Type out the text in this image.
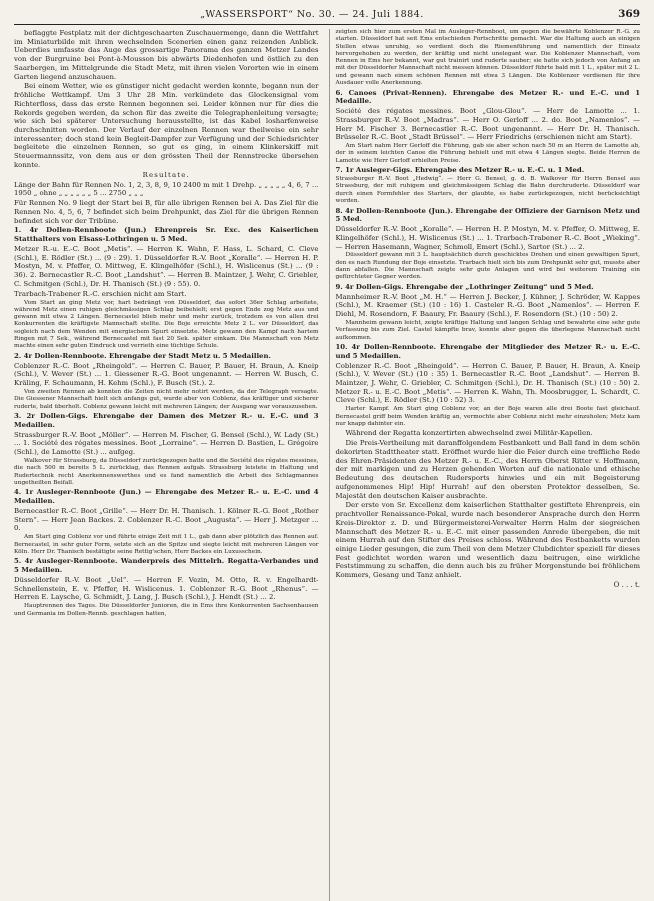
„WASSERSPORT“ No. 30. — 24. Juli 1884.	369

beflaggte Festplatz mit der dichtgeschaarten Zuschauermenge, dann die Wettfahrt im Miniaturbilde mit ihren wechselnden Scenerien einen ganz reizenden Anblick. Ueberdies umfasste das Auge das grossartige Panorama des ganzen Metzer Landes von der Burgruine bei Pont-à-Mousson bis abwärts Diedenhofen und östlich zu den Saarbergen, im Mittelgrunde die Stadt Metz, mit ihren vielen Vororten wie in einem Garten liegend anzuschauen.

Bei einem Wetter, wie es günstiger nicht gedacht werden konnte, begann nun der fröhliche Wettkampf. Um 3 Uhr 28 Min. verkündete das Glockensignal vom Richterfloss, dass das erste Rennen begonnen sei. Leider können nur für dies die Rekords gegeben werden, da schon für das zweite die Telegraphenleitung versagte; wie sich bei späterer Untersuchung herausstellte, ist das Kabel losharfenweise durchschnitten worden. Der Verlauf der einzelnen Rennen war theilweise ein sehr interessanter; doch stand kein Begleit-Dampfer zur Verfügung und der Schiedsrichter begleitete die einzelnen Rennen, so gut es ging, in einem Klinkerskiff mit Steuermannssitz, von dem aus er den grössten Theil der Rennstrecke übersehen konnte.

Resultate.

Länge der Bahn für Rennen No. 1, 2, 3, 8, 9, 10 2400 m mit 1 Drehp. „ „ „ „ „ 4, 6, 7 ... 1950 „ ohne „ „ „ „ „ „ 5 ... 2750 „ „ „

Für Rennen No. 9 liegt der Start bei B, für alle übrigen Rennen bei A. Das Ziel für die Rennen No. 4, 5, 6, 7 befindet sich beim Drehpunkt, das Ziel für die übrigen Rennen befindet sich vor der Tribüne.

1. 4r Dollen-Rennboote (Jun.) Ehrenpreis Sr. Exc. des Kaiserlichen Statthalters von Elsass-Lothringen u. 5 Med.

Metzer R.-u. E.-C. Boot „Metis“. — Herren K. Wahn, F. Hass, L. Schard, C. Cleve (Schl.), E. Rödler (St.) ... (9 : 29). 1. Düsseldorfer R.-V. Boot „Koralle“. — Herren H. P. Mostyn, M. v. Pfeffer, O. Mittweg, E. Klingelhöfer (Schl.), H. Wislicenus (St.) ... (9 : 36). 2. Bernecastler R.-C. Boot „Landshut“. — Herren B. Maintzer, J. Wehr, C. Griebler, C. Schmitgen (Schl.), Dr. H. Thanisch (St.) (9 : 55). 0.

Trarbach-Trabener R.-C. erschien nicht am Start.

Vom Start an ging Metz vor, hart bedrängt von Düsseldorf, das sofort 36er Schlag arbeitete, während Metz einen ruhigen gleichmässigen Schlag beibehielt; erst gegen Ende zog Metz aus und gewann mit etwa 2 Längen. Bernecastel blieb mehr und mehr zurück, trotzdem es von allen drei Konkurrenten die kräftigste Mannschaft stellte. Die Boje erreichte Metz 2 L. vor Düsseldorf, das sogleich nach dem Wenden mit energischem Spurt einsetzte. Metz gewann den Kampf nach hartem Ringen mit 7 Sek., während Bernecastel mit fast 20 Sek. später einkam. Die Mannschaft von Metz machte einen sehr guten Eindruck und verrieth eine tüchtige Schule.

2. 4r Dollen-Rennboote. Ehrengabe der Stadt Metz u. 5 Medaillen.

Coblenzer R.-C. Boot „Rheingold“. — Herren C. Bauer, P. Bauer, H. Braun, A. Kneip (Schl.), V. Wever (St.) ... 1. Giessener R.-G. Boot ungenannt. — Herren W. Busch, C. Kräling, F. Schaumann, H. Kehm (Schl.), F. Busch (St.). 2.

Von zweiten Rennen ab konnten die Zeiten nicht mehr notirt werden, da der Telegraph versagte. Die Giessener Mannschaft hielt sich anfangs gut, wurde aber von Coblenz, das kräftiger und sicherer ruderte, bald überholt. Coblenz gewann leicht mit mehreren Längen; der Ausgang war vorauszusehen.

3. 2r Dollen-Gigs. Ehrengabe der Damen des Metzer R.- u. E.-C. und 3 Medaillen.

Strassburger R.-V. Boot „Möller“. — Herren M. Fischer, G. Bensel (Schl.), W. Lady (St.) ... 1. Société des régates messines. Boot „Lorraine“. — Herren D. Bastien, L. Grégoire (Schl.), de Lamotte (St.) ... aufgeg.

Walkover für Strassburg, da Düsseldorf zurückgezogen hatte und die Société des régates messines, die nach 500 m bereits 5 L. zurücklag, das Rennen aufgab. Strassburg leistete in Haltung und Rudertechnik recht Anerkennenswerthes und es fand namentlich die Arbeit des Schlagmannes ungetheilten Beifall.

4. 1r Ausleger-Rennboote (Jun.) — Ehrengabe des Metzer R.- u. E.-C. und 4 Medaillen.

Bernecastler R.-C. Boot „Grille“. — Herr Dr. H. Thanisch. 1. Kölner R.-G. Boot „Rother Stern“. — Herr Jean Backes. 2. Coblenzer R.-C. Boot „Augusta“. — Herr J. Metzger ... 0.

Am Start ging Coblenz vor und führte einige Zeit mit 1 L., gab dann aber plötzlich das Rennen auf. Bernecastel, in sehr guter Form, setzte sich an die Spitze und siegte leicht mit mehreren Längen vor Köln. Herr Dr. Thanisch bestätigte seine Rettig'schen, Herr Backes ein Luxusschein.

5. 4r Ausleger-Rennboote. Wanderpreis des Mittelrh. Regatta-Verbandes und 5 Medaillen.

Düsseldorfer R.-V. Boot „Uel“. — Herren F. Vezin, M. Otto, R. v. Engelhardt-Schnellenstein, E. v. Pfeffer, H. Wislicenus. 1. Coblenzer R.-G. Boot „Rhenus“. — Herren E. Laysche, G. Schmidt, J. Lang, J. Busch (Schl.), J. Hendt (St.) ... 2.

Hauptrennen des Tages. Die Düsseldorfer Junioren, die in Ems ihre Konkurrenten Sachsenhausen und Germania im Dollen-Rennb. geschlagen hatten,

zeigten sich hier zum ersten Mal im Ausleger-Rennboot, um gegen die bewährte Koblenzer R.-G. zu starten. Düsseldorf hat seit Ems entschieden Fortschritte gemacht. War die Haltung auch an einigen Stellen etwas unruhig, so verdient doch die Riemenführung und namentlich der Einsatz hervorgehoben zu werden, der kräftig und nicht unelegant war. Die Koblenzer Mannschaft, vom Rennen in Ems her bekannt, war gut trainirt und ruderte sauber; sie hatte sich jedoch von Anfang an mit der Düsseldorfer Mannschaft nicht messen können. Düsseldorf führte bald mit 1 L., später mit 2 L. und gewann nach einem schönen Rennen mit etwa 3 Längen. Die Koblenzer verdienen für ihre Ausdauer volle Anerkennung.

6. Canoes (Privat-Rennen). Ehrengabe des Metzer R.- und E.-C. und 1 Medaille.

Société des régates messines. Boot „Glou-Glou“. — Herr de Lamotte ... 1. Strassburger R.-V. Boot „Madras“. — Herr O. Gerloff ... 2. do. Boot „Namenlos“. — Herr M. Fischer 3. Bernecastler R.-C. Boot ungenannt. — Herr Dr. H. Thanisch. Brüsseler R.-C. Boot „Stadt Brüssel“. — Herr Friedrichs (erschienen nicht am Start).

Am Start nahm Herr Gerloff die Führung, gab sie aber schon nach 50 m an Herrn de Lamotte ab, der in seinem leichten Canoe die Führung behielt und mit etwa 4 Längen siegte. Beide Herren de Lamotte wie Herr Gerloff erhielten Preise.

7. 1r Ausleger-Gigs. Ehrengabe des Metzer R.- u. E.-C. u. 1 Med.

Strassburger R.-V. Boot „Hedwig“. — Herr G. Bensel, g. d. B. Walkover für Herrn Bensel aus Strassburg, der mit ruhigem und gleichmässigem Schlag die Bahn durchruderte. Düsseldorf war durch einen Formfehler des Starters, der glaubte, es habe zurückgezogen, nicht berücksichtigt worden.

8. 4r Dollen-Rennboote (Jun.). Ehrengabe der Offiziere der Garnison Metz und 5 Med.

Düsseldorfer R.-V. Boot „Koralle“. — Herren H. P. Mostyn, M. v. Pfeffer, O. Mittweg, E. Klingelhöfer (Schl.), H. Wislicenus (St.) ... 1. Trarbach-Trabener R.-C. Boot „Wieking“. — Herren Hasemann, Wagner, Schmoll, Emert (Schl.), Sartor (St.) ... 2.

Düsseldorf gewann mit 3 L. hauptsächlich durch geschicktes Drehen und einen gewaltigen Spurt, den es nach Rundung der Boje einsetzte. Trarbach hielt sich bis zum Drehpunkt sehr gut, musste aber dann abfallen. Die Mannschaft zeigte sehr gute Anlagen und wird bei weiterem Training ein gefürchteter Gegner werden.

9. 4r Dollen-Gigs. Ehrengabe der „Lothringer Zeitung“ und 5 Med.

Mannheimer R.-V. Boot „M. H.“ — Herren J. Becker, J. Kühner, J. Schröder, W. Kappes (Schl.), M. Kraemer (St.) (10 : 16) 1. Casteler R.-G. Boot „Namenlos“. — Herren F. Diehl, M. Rosendorn, F. Baaury, Fr. Baaury (Schl.), F. Rosendorn (St.) (10 : 50) 2.

Mannheim gewann leicht, zeigte kräftige Haltung und langen Schlag und bewahrte eine sehr gute Verfassung bis zum Ziel. Castel kämpfte brav, konnte aber gegen die überlegene Mannschaft nicht aufkommen.

10. 4r Dollen-Rennboote. Ehrengabe der Mitglieder des Metzer R.- u. E.-C. und 5 Medaillen.

Coblenzer R.-C. Boot „Rheingold“. — Herren C. Bauer, P. Bauer, H. Braun, A. Kneip (Schl.), V. Wever (St.) (10 : 35) 1. Bernecastler R.-C. Boot „Landshut“. — Herren B. Maintzer, J. Wehr, C. Griebler, C. Schmitgen (Schl.), Dr. H. Thanisch (St.) (10 : 50) 2. Metzer R.- u. E.-C. Boot „Metis“. — Herren K. Wahn, Th. Moosbrugger, L. Schardt, C. Cleve (Schl.), E. Rödler (St.) (10 : 52) 3.

Harter Kampf. Am Start ging Coblenz vor, an der Boje waren alle drei Boote fast gleichauf. Bernecastel griff beim Wenden kräftig an, vermochte aber Coblenz nicht mehr einzuholen; Metz kam nur knapp dahinter ein.

Während der Regatta konzertirten abwechselnd zwei Militär-Kapellen.

Die Preis-Vertheilung mit daranffolgendem Festbankett und Ball fand in dem schön dekorirten Stadttheater statt. Eröffnet wurde hier die Feier durch eine treffliche Rede des Ehren-Präsidenten des Metzer R.- u. E.-C., des Herrn Oberst Ritter v. Hoffmann, der mit markigen und zu Herzen gehenden Worten auf die nationale und ethische Bedeutung des deutschen Rudersports hinwies und ein mit Begeisterung aufgenommenes Hip! Hip! Hurrah! auf den obersten Protektor desselben, Se. Majestät den deutschen Kaiser ausbrachte.

Der erste von Sr. Excellenz dem kaiserlichen Statthalter gestiftete Ehrenpreis, ein prachtvoller Renaissance-Pokal, wurde nach besonderer Ansprache durch den Herrn Kreis-Direktor z. D. und Bürgermeisterei-Verwalter Herrn Halm der siegreichen Mannschaft des Metzer R.- u. E.-C. mit einer passenden Anrede übergeben, die mit einem Hurrah auf den Stifter des Preises schloss. Während des Festbanketts wurden einige Lieder gesungen, die zum Theil von dem Metzer Clubdichter speziell für dieses Fest gedichtet worden waren und wesentlich dazu beitrugen, eine wirkliche Feststimmung zu schaffen, die denn auch bis zu früher Morgenstunde bei fröhlichem Kommers, Gesang und Tanz anhielt.

O . . . t.
